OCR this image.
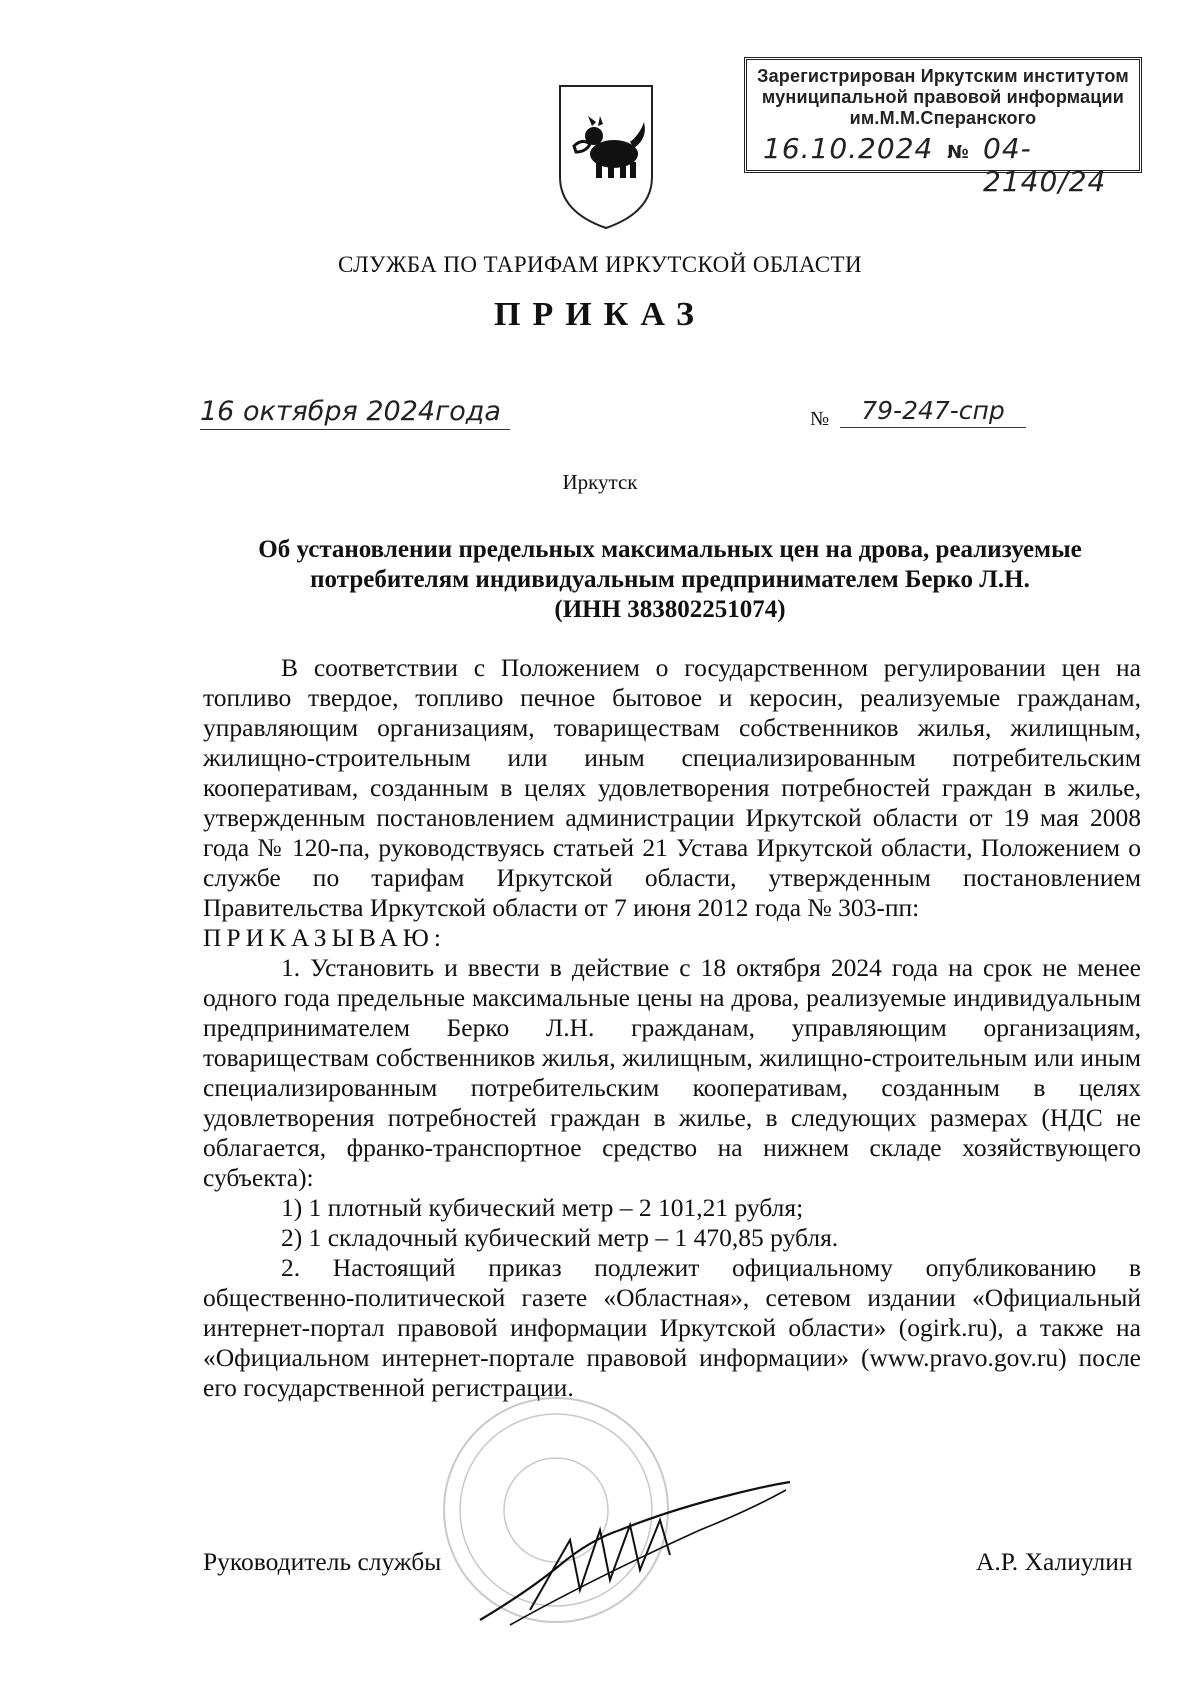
Зарегистрирован Иркутским институтом
муниципальной правовой информации
им.М.М.Сперанского
16.10.2024 № 04-2140/24
СЛУЖБА ПО ТАРИФАМ ИРКУТСКОЙ ОБЛАСТИ
ПРИКАЗ
16 октября 2024года	№	79-247-спр
Иркутск
Об установлении предельных максимальных цен на дрова, реализуемые
потребителям индивидуальным предпринимателем Берко Л.Н.
(ИНН 383802251074)

В соответствии с Положением о государственном регулировании цен на топливо твердое, топливо печное бытовое и керосин, реализуемые гражданам, управляющим организациям, товариществам собственников жилья, жилищным, жилищно-строительным или иным специализированным потребительским кооперативам, созданным в целях удовлетворения потребностей граждан в жилье, утвержденным постановлением администрации Иркутской области от 19 мая 2008 года № 120-па, руководствуясь статьей 21 Устава Иркутской области, Положением о службе по тарифам Иркутской области, утвержденным постановлением Правительства Иркутской области от 7 июня 2012 года № 303-пп:

ПРИКАЗЫВАЮ:

1. Установить и ввести в действие с 18 октября 2024 года на срок не менее одного года предельные максимальные цены на дрова, реализуемые индивидуальным предпринимателем Берко Л.Н. гражданам, управляющим организациям, товариществам собственников жилья, жилищным, жилищно-строительным или иным специализированным потребительским кооперативам, созданным в целях удовлетворения потребностей граждан в жилье, в следующих размерах (НДС не облагается, франко-транспортное средство на нижнем складе хозяйствующего субъекта):

1) 1 плотный кубический метр – 2 101,21 рубля;

2) 1 складочный кубический метр – 1 470,85 рубля.

2. Настоящий приказ подлежит официальному опубликованию в общественно-политической газете «Областная», сетевом издании «Официальный интернет-портал правовой информации Иркутской области» (ogirk.ru), а также на «Официальном интернет-портале правовой информации» (www.pravo.gov.ru) после его государственной регистрации.

Руководитель службы	А.Р. Халиулин
